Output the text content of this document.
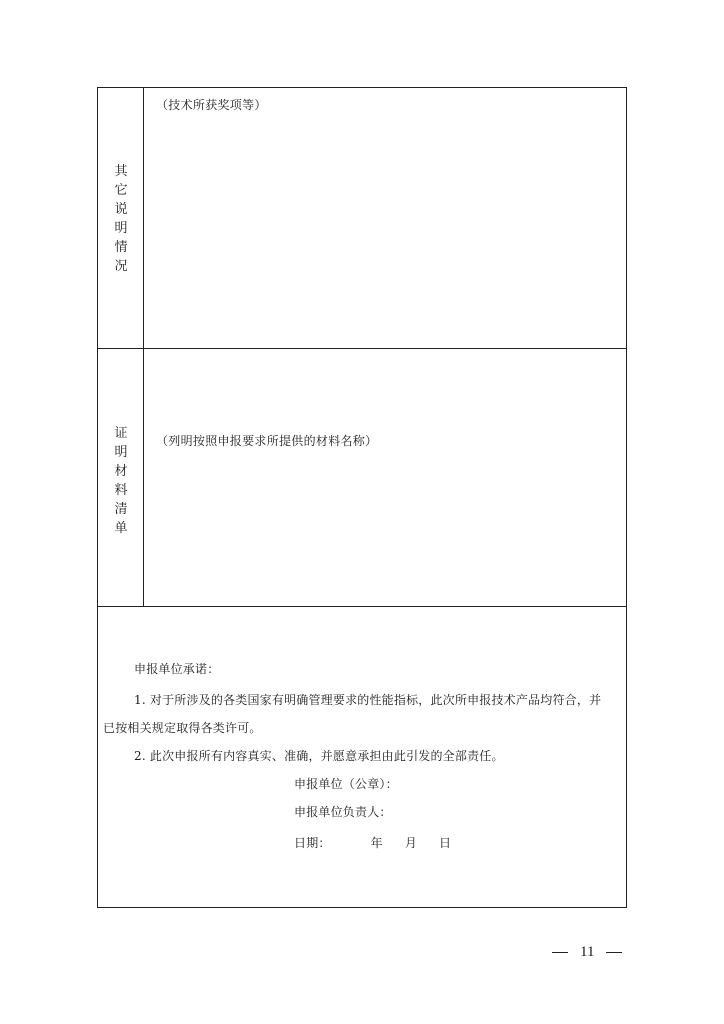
其
它
说
明
情
况
（技术所获奖项等）
证
明
材
料
清
单
（列明按照申报要求所提供的材料名称）
申报单位承诺：
1. 对于所涉及的各类国家有明确管理要求的性能指标，此次所申报技术产品均符合，并
已按相关规定取得各类许可。
2. 此次申报所有内容真实、准确，并愿意承担由此引发的全部责任。
申报单位（公章）：
申报单位负责人：
日期：	年 月 日
11
